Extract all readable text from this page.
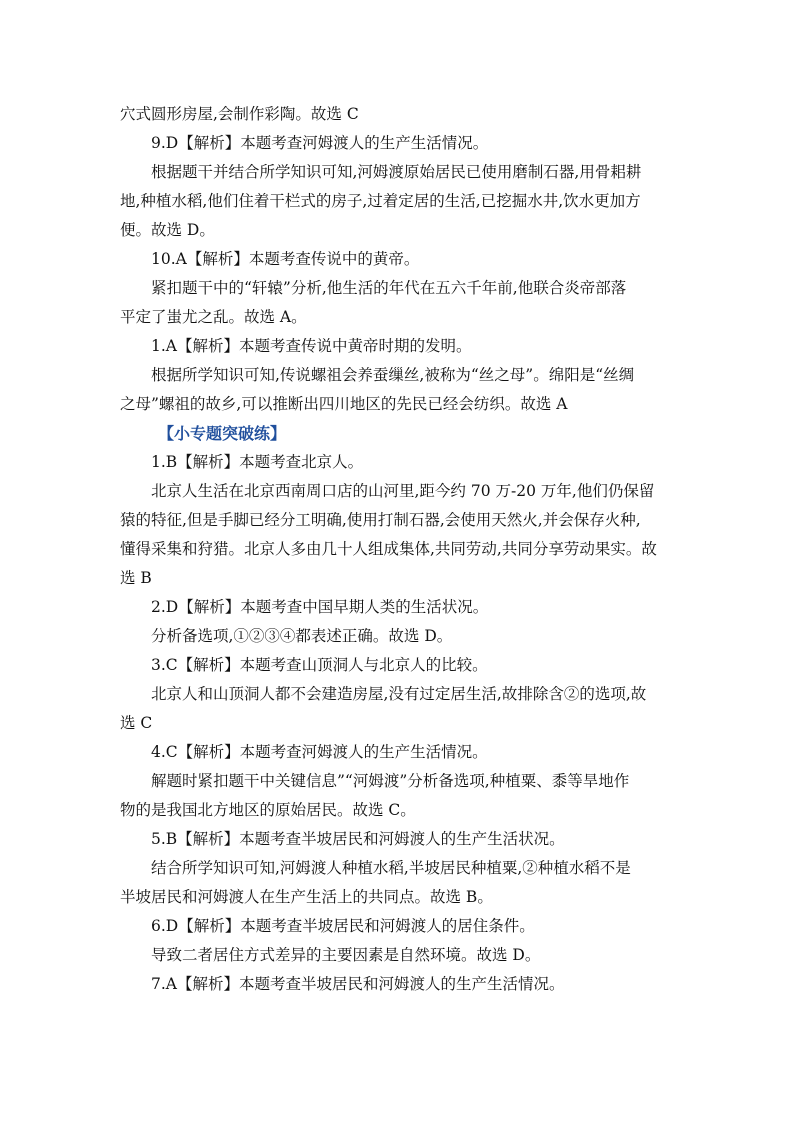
穴式圆形房屋,会制作彩陶。故选 C
9.D【解析】本题考查河姆渡人的生产生活情况。
根据题干并结合所学知识可知,河姆渡原始居民已使用磨制石器,用骨耜耕
地,种植水稻,他们住着干栏式的房子,过着定居的生活,已挖掘水井,饮水更加方
便。故选 D。
10.A【解析】本题考查传说中的黄帝。
紧扣题干中的“轩辕”分析,他生活的年代在五六千年前,他联合炎帝部落
平定了蚩尤之乱。故选 A。
1.A【解析】本题考查传说中黄帝时期的发明。
根据所学知识可知,传说螺祖会养蚕缫丝,被称为“丝之母”。绵阳是“丝绸
之母”螺祖的故乡,可以推断出四川地区的先民已经会纺织。故选 A
【小专题突破练】
1.B【解析】本题考查北京人。
北京人生活在北京西南周口店的山河里,距今约 70 万-20 万年,他们仍保留
猿的特征,但是手脚已经分工明确,使用打制石器,会使用天然火,并会保存火种,
懂得采集和狩猎。北京人多由几十人组成集体,共同劳动,共同分享劳动果实。故
选 B
2.D【解析】本题考查中国早期人类的生活状况。
分析备选项,①②③④都表述正确。故选 D。
3.C【解析】本题考查山顶洞人与北京人的比较。
北京人和山顶洞人都不会建造房屋,没有过定居生活,故排除含②的选项,故
选 C
4.C【解析】本题考查河姆渡人的生产生活情况。
解题时紧扣题干中关键信息”“河姆渡”分析备选项,种植粟、黍等旱地作
物的是我国北方地区的原始居民。故选 C。
5.B【解析】本题考查半坡居民和河姆渡人的生产生活状况。
结合所学知识可知,河姆渡人种植水稻,半坡居民种植粟,②种植水稻不是
半坡居民和河姆渡人在生产生活上的共同点。故选 B。
6.D【解析】本题考查半坡居民和河姆渡人的居住条件。
导致二者居住方式差异的主要因素是自然环境。故选 D。
7.A【解析】本题考查半坡居民和河姆渡人的生产生活情况。
